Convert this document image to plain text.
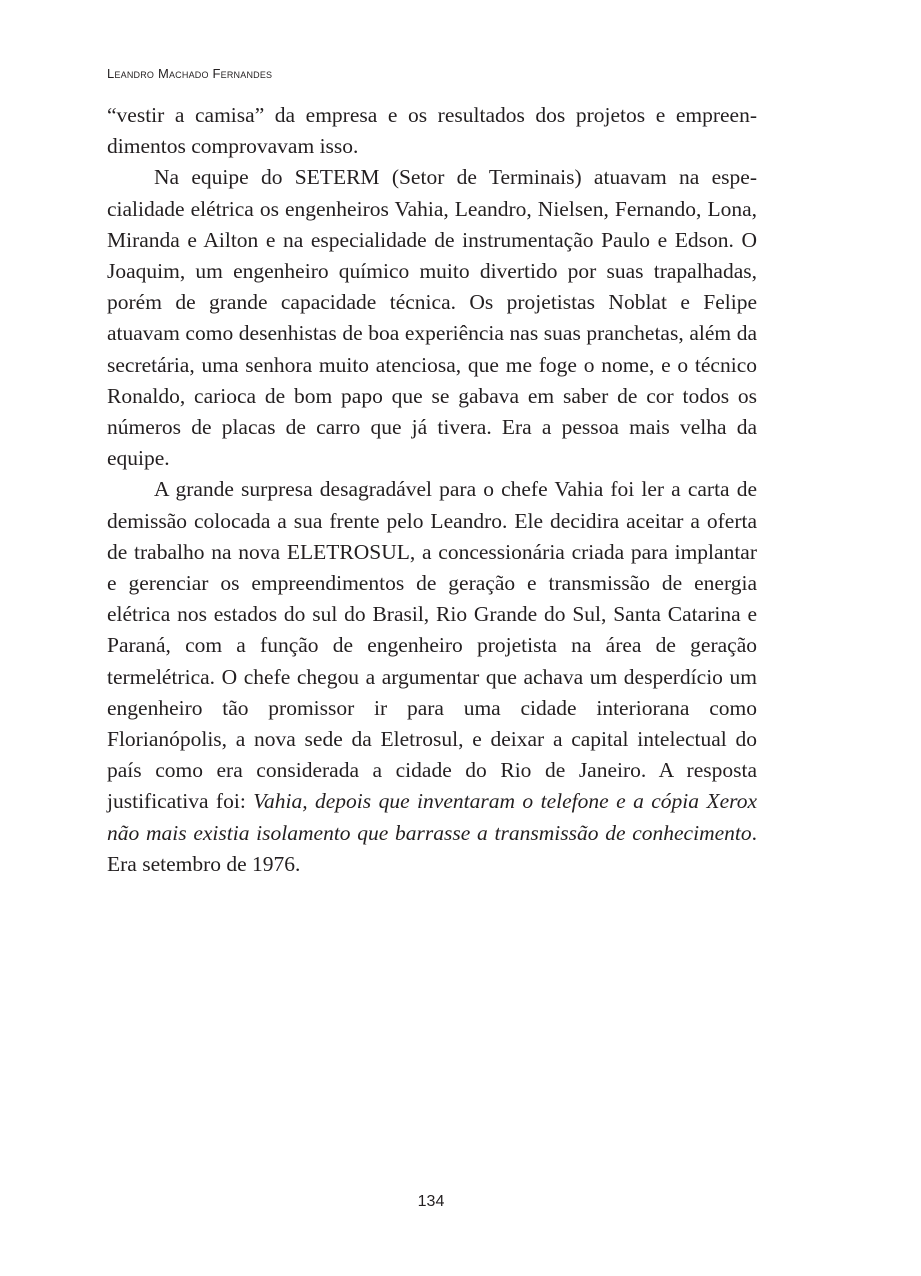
Leandro Machado Fernandes

“vestir a camisa” da empresa e os resultados dos projetos e empreendimentos comprovavam isso.

Na equipe do SETERM (Setor de Terminais) atuavam na especialidade elétrica os engenheiros Vahia, Leandro, Nielsen, Fernando, Lona, Miranda e Ailton e na especialidade de instrumentação Paulo e Edson. O Joaquim, um engenheiro químico muito divertido por suas trapalhadas, porém de grande capacidade técnica. Os projetistas Noblat e Felipe atuavam como desenhistas de boa experiência nas suas pranchetas, além da secretária, uma senhora muito atenciosa, que me foge o nome, e o técnico Ronaldo, carioca de bom papo que se gabava em saber de cor todos os números de placas de carro que já tivera. Era a pessoa mais velha da equipe.

A grande surpresa desagradável para o chefe Vahia foi ler a carta de demissão colocada a sua frente pelo Leandro. Ele decidira aceitar a oferta de trabalho na nova ELETROSUL, a concessionária criada para implantar e gerenciar os empreendimentos de geração e transmissão de energia elétrica nos estados do sul do Brasil, Rio Grande do Sul, Santa Catarina e Paraná, com a função de engenheiro projetista na área de geração termelétrica. O chefe chegou a argumentar que achava um desperdício um engenheiro tão promissor ir para uma cidade interiorana como Florianópolis, a nova sede da Eletrosul, e deixar a capital intelectual do país como era considerada a cidade do Rio de Janeiro. A resposta justificativa foi: Vahia, depois que inventaram o telefone e a cópia Xerox não mais existia isolamento que barrasse a transmissão de conhecimento. Era setembro de 1976.

134
